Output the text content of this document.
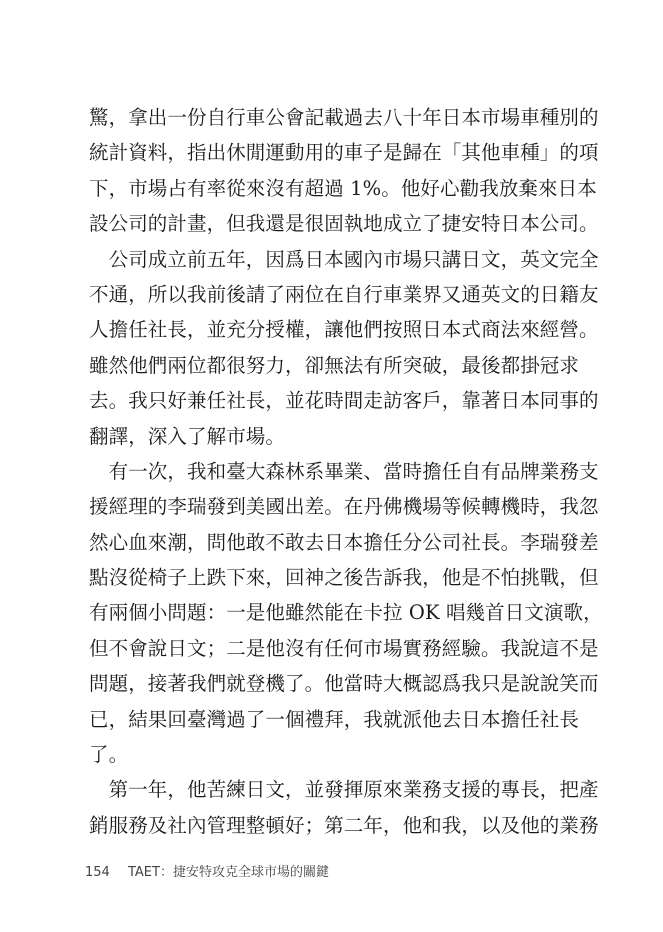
驚，拿出一份自行車公會記載過去八十年日本市場車種別的
統計資料，指出休閒運動用的車子是歸在「其他車種」的項
下，市場占有率從來沒有超過 1%。他好心勸我放棄來日本
設公司的計畫，但我還是很固執地成立了捷安特日本公司。
　公司成立前五年，因爲日本國內市場只講日文，英文完全
不通，所以我前後請了兩位在自行車業界又通英文的日籍友
人擔任社長，並充分授權，讓他們按照日本式商法來經營。
雖然他們兩位都很努力，卻無法有所突破，最後都掛冠求
去。我只好兼任社長，並花時間走訪客戶，靠著日本同事的
翻譯，深入了解市場。
　有一次，我和臺大森林系畢業、當時擔任自有品牌業務支
援經理的李瑞發到美國出差。在丹佛機場等候轉機時，我忽
然心血來潮，問他敢不敢去日本擔任分公司社長。李瑞發差
點沒從椅子上跌下來，回神之後告訴我，他是不怕挑戰，但
有兩個小問題：一是他雖然能在卡拉 OK 唱幾首日文演歌，
但不會說日文；二是他沒有任何市場實務經驗。我說這不是
問題，接著我們就登機了。他當時大概認爲我只是說說笑而
已，結果回臺灣過了一個禮拜，我就派他去日本擔任社長
了。
　第一年，他苦練日文，並發揮原來業務支援的專長，把產
銷服務及社內管理整頓好；第二年，他和我，以及他的業務
154 TAET：捷安特攻克全球市場的關鍵
